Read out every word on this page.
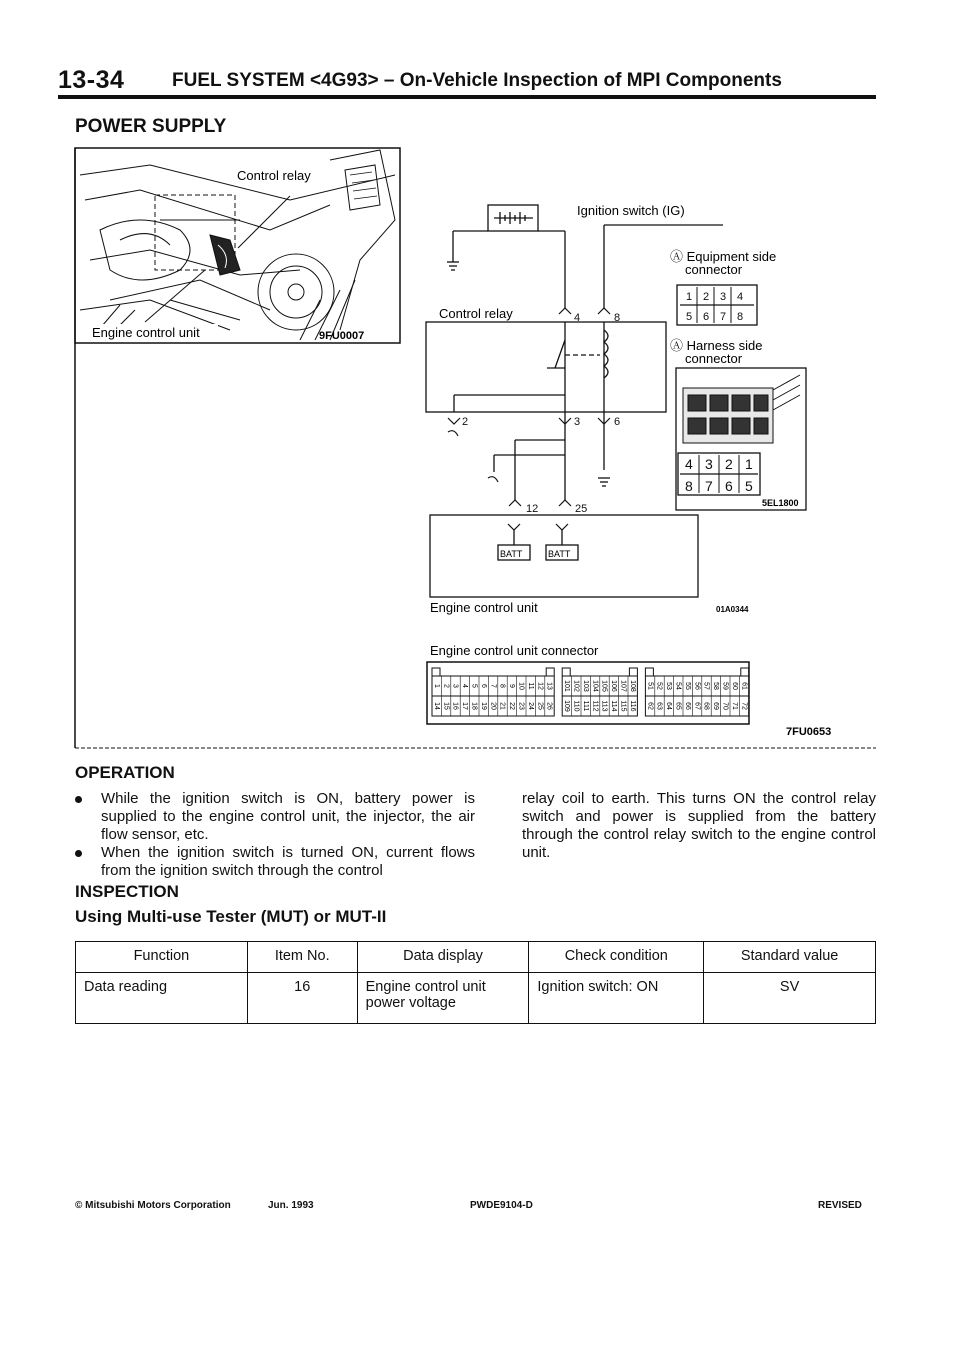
13-34	FUEL SYSTEM <4G93> – On-Vehicle Inspection of MPI Components
POWER SUPPLY
Control relay
Engine control unit	9FU0007
4	8
2	3	6
12	25
BATT	BATT
Ignition switch (IG)
Control relay
Ⓐ Equipment side
connector
Ⓐ Harness side
connector
1 2 3 4
5 6 7 8
4 3 2 1
8 7 6 5
5EL1800
Engine control unit	01A0344
Engine control unit connector
1 2 3 4 5 6 7 8 9 10 11 12 13
14 15 16 17 18 19 20 21 22 23 24 25 26
101 102 103 104 105 106 107 108
109 110 111 112 113 114 115 116
51 52 53 54 55 56 57 58 59 60 61
62 63 64 65 66 67 68 69 70 71 72
7FU0653
OPERATION
While the ignition switch is ON, battery power is supplied to the engine control unit, the injector, the air flow sensor, etc.
When the ignition switch is turned ON, current flows from the ignition switch through the control
relay coil to earth. This turns ON the control relay switch and power is supplied from the battery through the control relay switch to the engine control unit.
INSPECTION
Using Multi-use Tester (MUT) or MUT-II
Function	Item No.	Data display	Check condition	Standard value
Data reading	16	Engine control unit power voltage	Ignition switch: ON	SV
© Mitsubishi Motors Corporation	Jun. 1993	PWDE9104-D	REVISED
